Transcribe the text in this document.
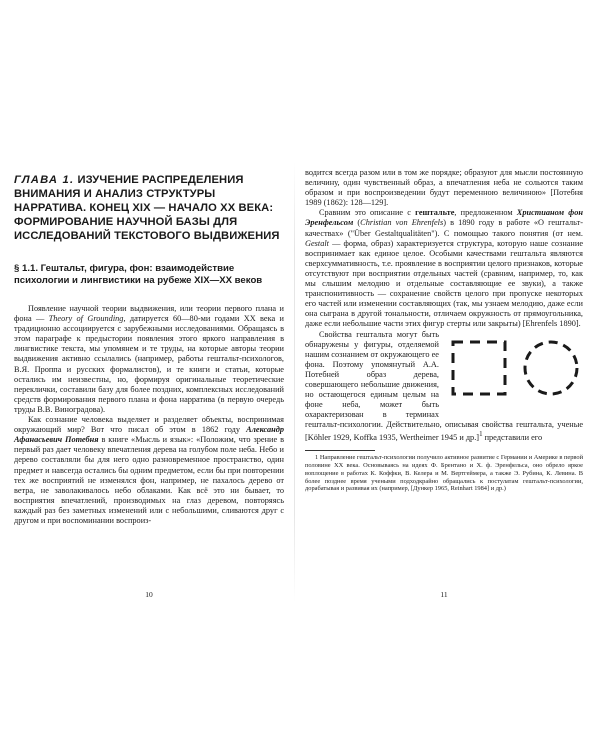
ГЛАВА 1. ИЗУЧЕНИЕ РАСПРЕДЕЛЕНИЯ ВНИМАНИЯ И АНАЛИЗ СТРУКТУРЫ НАРРАТИВА. КОНЕЦ XIX — НАЧАЛО XX ВЕКА: ФОРМИРОВАНИЕ НАУЧНОЙ БАЗЫ ДЛЯ ИССЛЕДОВАНИЙ ТЕКСТОВОГО ВЫДВИЖЕНИЯ
§ 1.1. Гештальт, фигура, фон: взаимодействие психологии и лингвистики на рубеже XIX—XX веков

Появление научной теории выдвижения, или теории первого плана и фона — Theory of Grounding, датируется 60—80-ми годами XX века и традиционно ассоциируется с зарубежными исследованиями. Обращаясь в этом параграфе к предыстории появления этого яркого направления в лингвистике текста, мы упомянем и те труды, на которые авторы теории выдвижения активно ссылались (например, работы гештальт-психологов, В.Я. Проппа и русских формалистов), и те книги и статьи, которые остались им неизвестны, но, формируя оригинальные теоретические переклички, составили базу для более поздних, комплексных исследований средств формирования первого плана и фона нарратива (в первую очередь труды В.В. Виноградова).

Как сознание человека выделяет и разделяет объекты, воспринимая окружающий мир? Вот что писал об этом в 1862 году Александр Афанасьевич Потебня в книге «Мысль и язык»: «Положим, что зрение в первый раз дает человеку впечатления дерева на голубом поле неба. Небо и дерево составляли бы для него одно разновременное пространство, один предмет и навсегда остались бы одним предметом, если бы при повторении тех же восприятий не изменялся фон, например, не пахалось дерево от ветра, не заволакивалось небо облаками. Как всё это ни бывает, то восприятия впечатлений, производимых на глаз деревом, повторяясь каждый раз без заметных изменений или с небольшими, сливаются друг с другом и при воспоминании воспроиз-

10

водится всегда разом или в том же порядке; образуют для мысли постоянную величину, один чувственный образ, а впечатления неба не сольются таким образом и при воспроизведении будут переменною величиною» [Потебня 1989 (1862): 128—129].

Сравним это описание с гештальте, предложенном Христианом фон Эренфельсом (Christian von Ehrenfels) в 1890 году в работе «О гештальт-качествах» ("Über Gestaltqualitäten"). С помощью такого понятия (от нем. Gestalt — форма, образ) характеризуется структура, которую наше сознание воспринимает как единое целое. Особыми качествами гештальта являются сверхсуммативность, т.е. проявление в восприятии целого признаков, которые отсутствуют при восприятии отдельных частей (сравним, например, то, как мы слышим мелодию и отдельные составляющие ее звуки), а также транспонитивность — сохранение свойств целого при пропуске некоторых его частей или изменении составляющих (так, мы узнаем мелодию, даже если она сыграна в другой тональности, отличаем окружность от прямоугольника, даже если небольшие части этих фигур стерты или закрыты) [Ehrenfels 1890].

Свойства гештальта могут быть обнаружены у фигуры, отделяемой нашим сознанием от окружающего ее фона. Поэтому упомянутый А.А. Потебней образ дерева, совершающего небольшие движения, но остающегося единым целым на фоне неба, может быть охарактеризован в терминах гештальт-психологии. Действительно, описывая свойства гештальта, ученые [Köhler 1929, Koffka 1935, Wertheimer 1945 и др.]$^1$ представили его

1 Направление гештальт-психологии получило активное развитие с Германии и Америке в первой половине XX века. Основываясь на идеях Ф. Брентано и Х. ф. Эренфельса, оно обрело яркое воплощение в работах К. Коффки, В. Келера и М. Вертгеймера, а также Э. Рубина, К. Левина. В более позднее время учеными подходкрайно обращались к постулатам гештальт-психологии, дорабатывая и развивая их (например, [Дункер 1965, Reinhart 1984] и др.)

11
